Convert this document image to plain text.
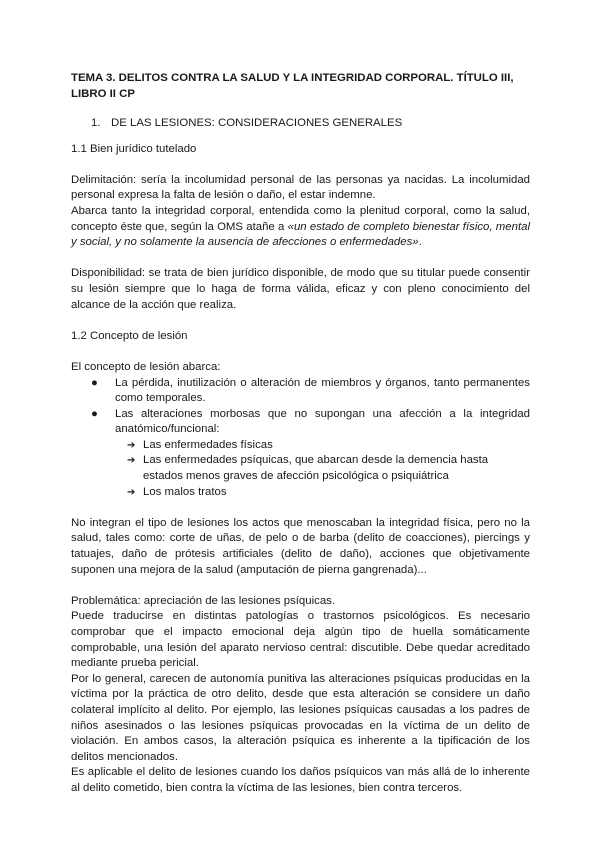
TEMA 3. DELITOS CONTRA LA SALUD Y LA INTEGRIDAD CORPORAL. TÍTULO III, LIBRO II CP

1. DE LAS LESIONES: CONSIDERACIONES GENERALES

1.1 Bien jurídico tutelado

Delimitación: sería la incolumidad personal de las personas ya nacidas. La incolumidad personal expresa la falta de lesión o daño, el estar indemne.

Abarca tanto la integridad corporal, entendida como la plenitud corporal, como la salud, concepto éste que, según la OMS atañe a «un estado de completo bienestar físico, mental y social, y no solamente la ausencia de afecciones o enfermedades».

Disponibilidad: se trata de bien jurídico disponible, de modo que su titular puede consentir su lesión siempre que lo haga de forma válida, eficaz y con pleno conocimiento del alcance de la acción que realiza.

1.2 Concepto de lesión

El concepto de lesión abarca:

● La pérdida, inutilización o alteración de miembros y órganos, tanto permanentes como temporales.
● Las alteraciones morbosas que no supongan una afección a la integridad anatómico/funcional:
➔ Las enfermedades físicas
➔ Las enfermedades psíquicas, que abarcan desde la demencia hasta estados menos graves de afección psicológica o psiquiátrica
➔ Los malos tratos

No integran el tipo de lesiones los actos que menoscaban la integridad física, pero no la salud, tales como: corte de uñas, de pelo o de barba (delito de coacciones), piercings y tatuajes, daño de prótesis artificiales (delito de daño), acciones que objetivamente suponen una mejora de la salud (amputación de pierna gangrenada)...

Problemática: apreciación de las lesiones psíquicas.

Puede traducirse en distintas patologías o trastornos psicológicos. Es necesario comprobar que el impacto emocional deja algún tipo de huella somáticamente comprobable, una lesión del aparato nervioso central: discutible. Debe quedar acreditado mediante prueba pericial.

Por lo general, carecen de autonomía punitiva las alteraciones psíquicas producidas en la víctima por la práctica de otro delito, desde que esta alteración se considere un daño colateral implícito al delito. Por ejemplo, las lesiones psíquicas causadas a los padres de niños asesinados o las lesiones psíquicas provocadas en la víctima de un delito de violación. En ambos casos, la alteración psíquica es inherente a la tipificación de los delitos mencionados.

Es aplicable el delito de lesiones cuando los daños psíquicos van más allá de lo inherente al delito cometido, bien contra la víctima de las lesiones, bien contra terceros.
